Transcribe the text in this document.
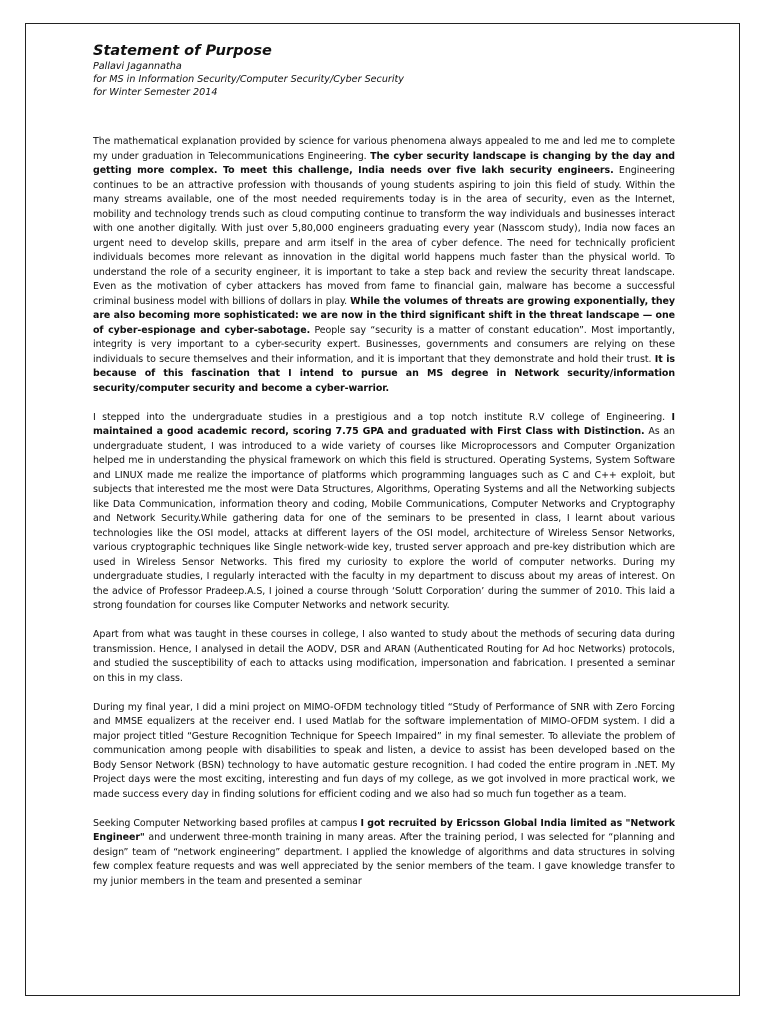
Statement of Purpose

Pallavi Jagannatha

for MS in Information Security/Computer Security/Cyber Security

for Winter Semester 2014

The mathematical explanation provided by science for various phenomena always appealed to me and led me to complete my under graduation in Telecommunications Engineering. The cyber security landscape is changing by the day and getting more complex. To meet this challenge, India needs over five lakh security engineers. Engineering continues to be an attractive profession with thousands of young students aspiring to join this field of study. Within the many streams available, one of the most needed requirements today is in the area of security, even as the Internet, mobility and technology trends such as cloud computing continue to transform the way individuals and businesses interact with one another digitally. With just over 5,80,000 engineers graduating every year (Nasscom study), India now faces an urgent need to develop skills, prepare and arm itself in the area of cyber defence. The need for technically proficient individuals becomes more relevant as innovation in the digital world happens much faster than the physical world. To understand the role of a security engineer, it is important to take a step back and review the security threat landscape. Even as the motivation of cyber attackers has moved from fame to financial gain, malware has become a successful criminal business model with billions of dollars in play. While the volumes of threats are growing exponentially, they are also becoming more sophisticated: we are now in the third significant shift in the threat landscape — one of cyber-espionage and cyber-sabotage. People say “security is a matter of constant education”. Most importantly, integrity is very important to a cyber-security expert. Businesses, governments and consumers are relying on these individuals to secure themselves and their information, and it is important that they demonstrate and hold their trust. It is because of this fascination that I intend to pursue an MS degree in Network security/information security/computer security and become a cyber-warrior.

I stepped into the undergraduate studies in a prestigious and a top notch institute R.V college of Engineering. I maintained a good academic record, scoring 7.75 GPA and graduated with First Class with Distinction. As an undergraduate student, I was introduced to a wide variety of courses like Microprocessors and Computer Organization helped me in understanding the physical framework on which this field is structured. Operating Systems, System Software and LINUX made me realize the importance of platforms which programming languages such as C and C++ exploit, but subjects that interested me the most were Data Structures, Algorithms, Operating Systems and all the Networking subjects like Data Communication, information theory and coding, Mobile Communications, Computer Networks and Cryptography and Network Security.While gathering data for one of the seminars to be presented in class, I learnt about various technologies like the OSI model, attacks at different layers of the OSI model, architecture of Wireless Sensor Networks, various cryptographic techniques like Single network-wide key, trusted server approach and pre-key distribution which are used in Wireless Sensor Networks. This fired my curiosity to explore the world of computer networks. During my undergraduate studies, I regularly interacted with the faculty in my department to discuss about my areas of interest. On the advice of Professor Pradeep.A.S, I joined a course through ‘Solutt Corporation’ during the summer of 2010. This laid a strong foundation for courses like Computer Networks and network security.

Apart from what was taught in these courses in college, I also wanted to study about the methods of securing data during transmission. Hence, I analysed in detail the AODV, DSR and ARAN (Authenticated Routing for Ad hoc Networks) protocols, and studied the susceptibility of each to attacks using modification, impersonation and fabrication. I presented a seminar on this in my class.

During my final year, I did a mini project on MIMO-OFDM technology titled “Study of Performance of SNR with Zero Forcing and MMSE equalizers at the receiver end. I used Matlab for the software implementation of MIMO-OFDM system. I did a major project titled “Gesture Recognition Technique for Speech Impaired” in my final semester. To alleviate the problem of communication among people with disabilities to speak and listen, a device to assist has been developed based on the Body Sensor Network (BSN) technology to have automatic gesture recognition. I had coded the entire program in .NET. My Project days were the most exciting, interesting and fun days of my college, as we got involved in more practical work, we made success every day in finding solutions for efficient coding and we also had so much fun together as a team.

Seeking Computer Networking based profiles at campus I got recruited by Ericsson Global India limited as "Network Engineer" and underwent three-month training in many areas. After the training period, I was selected for “planning and design” team of “network engineering” department. I applied the knowledge of algorithms and data structures in solving few complex feature requests and was well appreciated by the senior members of the team. I gave knowledge transfer to my junior members in the team and presented a seminar
